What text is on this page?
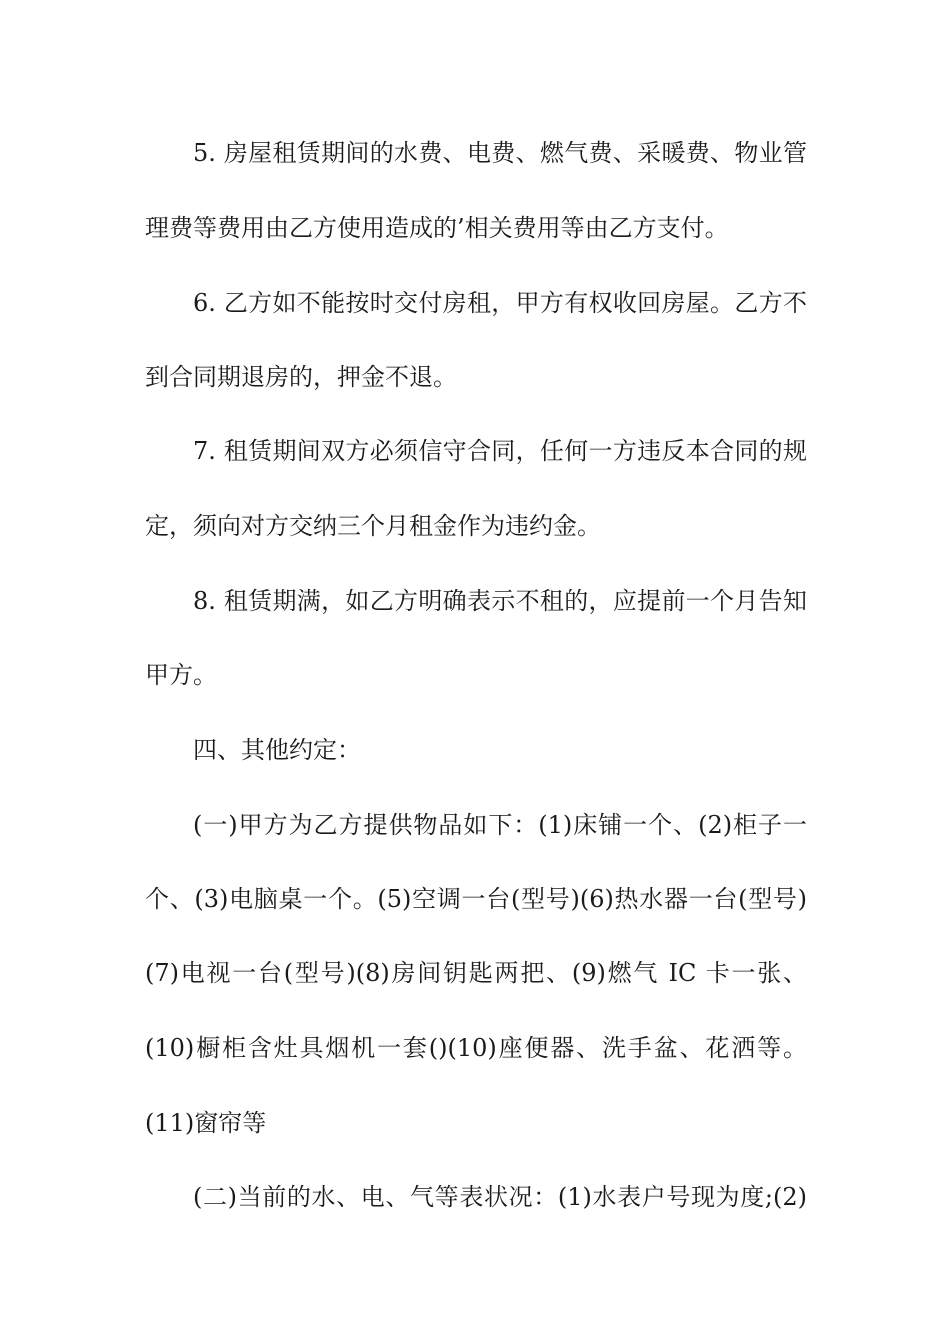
5. 房屋租赁期间的水费、电费、燃气费、采暖费、物业管
理费等费用由乙方使用造成的’相关费用等由乙方支付。
6. 乙方如不能按时交付房租，甲方有权收回房屋。乙方不
到合同期退房的，押金不退。
7. 租赁期间双方必须信守合同，任何一方违反本合同的规
定，须向对方交纳三个月租金作为违约金。
8. 租赁期满，如乙方明确表示不租的，应提前一个月告知
甲方。
四、其他约定：
(一)甲方为乙方提供物品如下：(1)床铺一个、(2)柜子一
个、(3)电脑桌一个。(5)空调一台(型号)(6)热水器一台(型号)
(7)电视一台(型号)(8)房间钥匙两把、(9)燃气 IC 卡一张、
(10)橱柜含灶具烟机一套()(10)座便器、洗手盆、花洒等。
(11)窗帘等
(二)当前的水、电、气等表状况：(1)水表户号现为度;(2)
